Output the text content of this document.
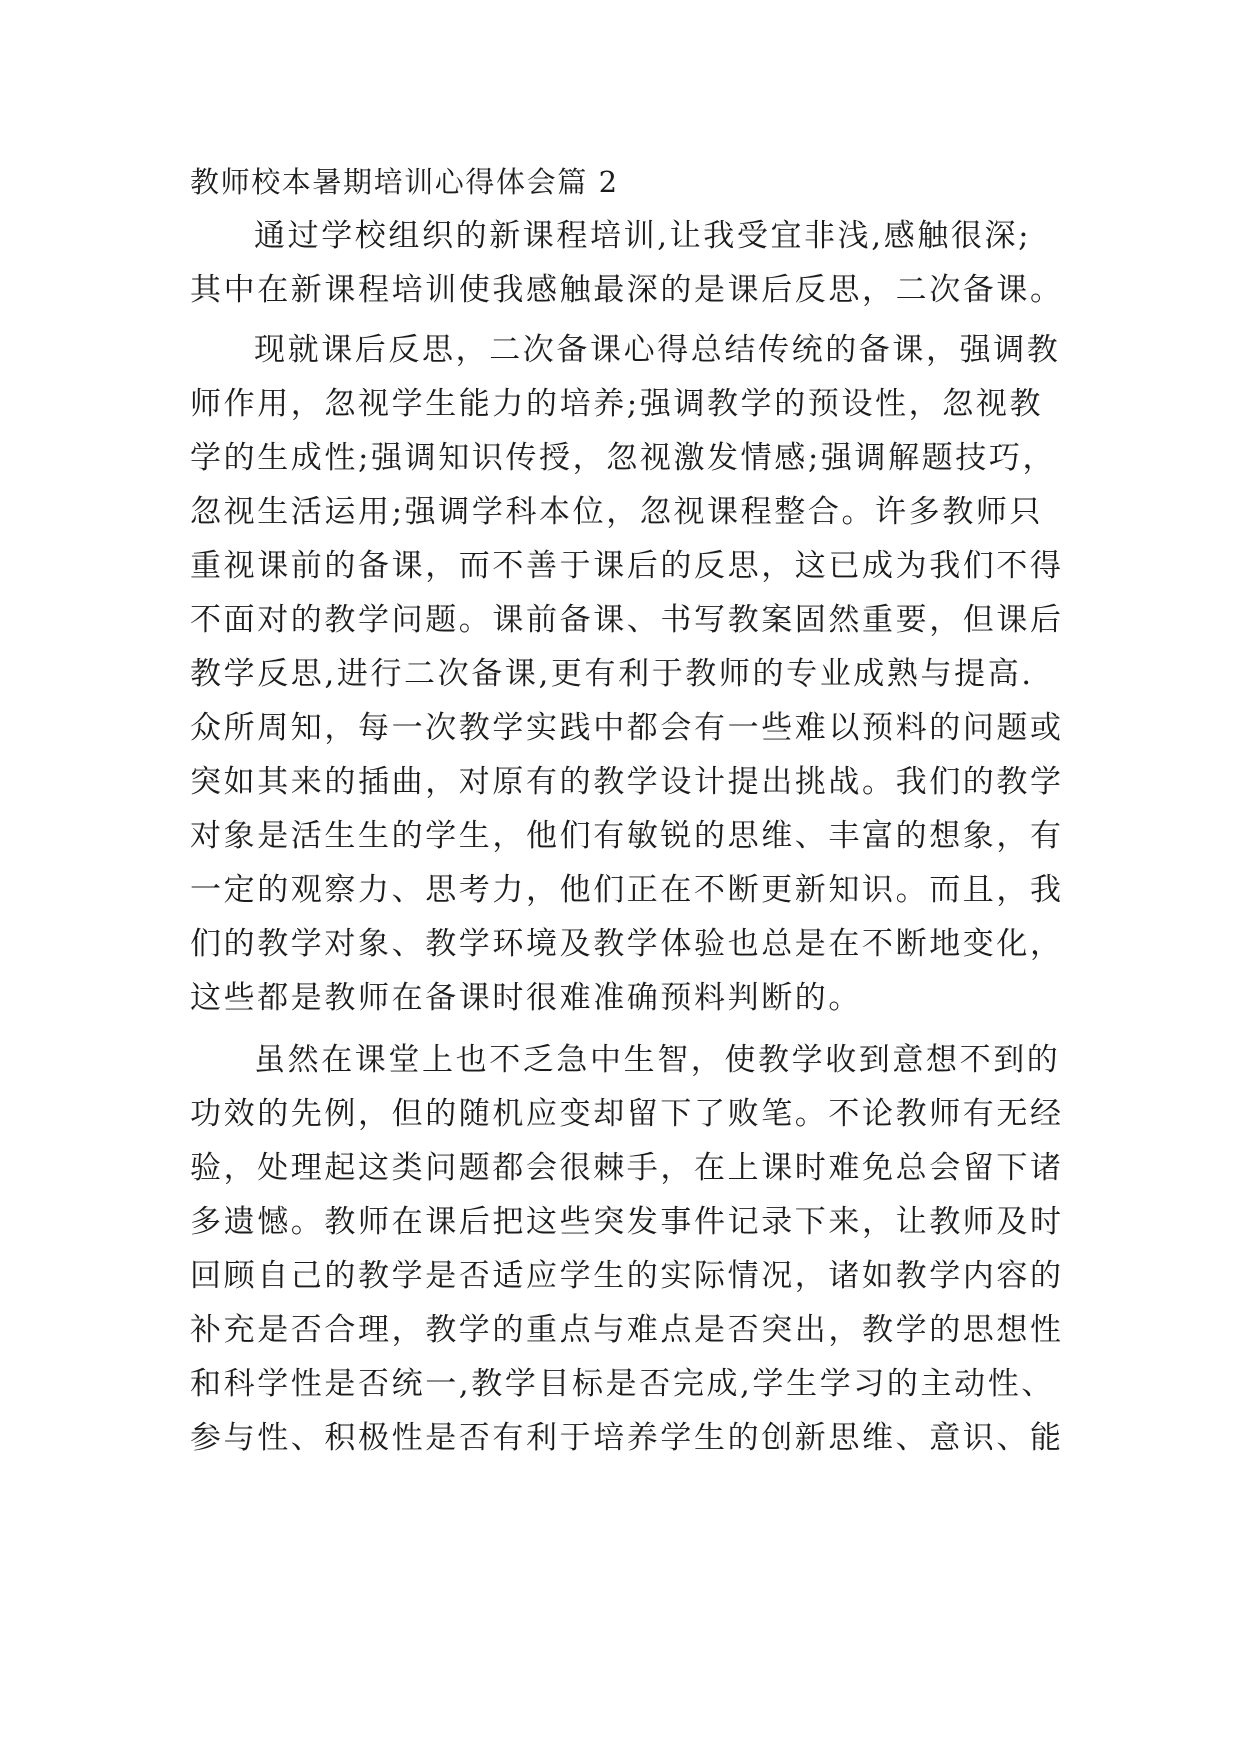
教师校本暑期培训心得体会篇 2
通过学校组织的新课程培训,让我受宜非浅,感触很深;
其中在新课程培训使我感触最深的是课后反思，二次备课。
现就课后反思，二次备课心得总结传统的备课，强调教
师作用，忽视学生能力的培养;强调教学的预设性，忽视教
学的生成性;强调知识传授，忽视激发情感;强调解题技巧，
忽视生活运用;强调学科本位，忽视课程整合。许多教师只
重视课前的备课，而不善于课后的反思，这已成为我们不得
不面对的教学问题。课前备课、书写教案固然重要，但课后
教学反思,进行二次备课,更有利于教师的专业成熟与提高.
众所周知，每一次教学实践中都会有一些难以预料的问题或
突如其来的插曲，对原有的教学设计提出挑战。我们的教学
对象是活生生的学生，他们有敏锐的思维、丰富的想象，有
一定的观察力、思考力，他们正在不断更新知识。而且，我
们的教学对象、教学环境及教学体验也总是在不断地变化，
这些都是教师在备课时很难准确预料判断的。
虽然在课堂上也不乏急中生智，使教学收到意想不到的
功效的先例，但的随机应变却留下了败笔。不论教师有无经
验，处理起这类问题都会很棘手，在上课时难免总会留下诸
多遗憾。教师在课后把这些突发事件记录下来，让教师及时
回顾自己的教学是否适应学生的实际情况，诸如教学内容的
补充是否合理，教学的重点与难点是否突出，教学的思想性
和科学性是否统一,教学目标是否完成,学生学习的主动性、
参与性、积极性是否有利于培养学生的创新思维、意识、能
